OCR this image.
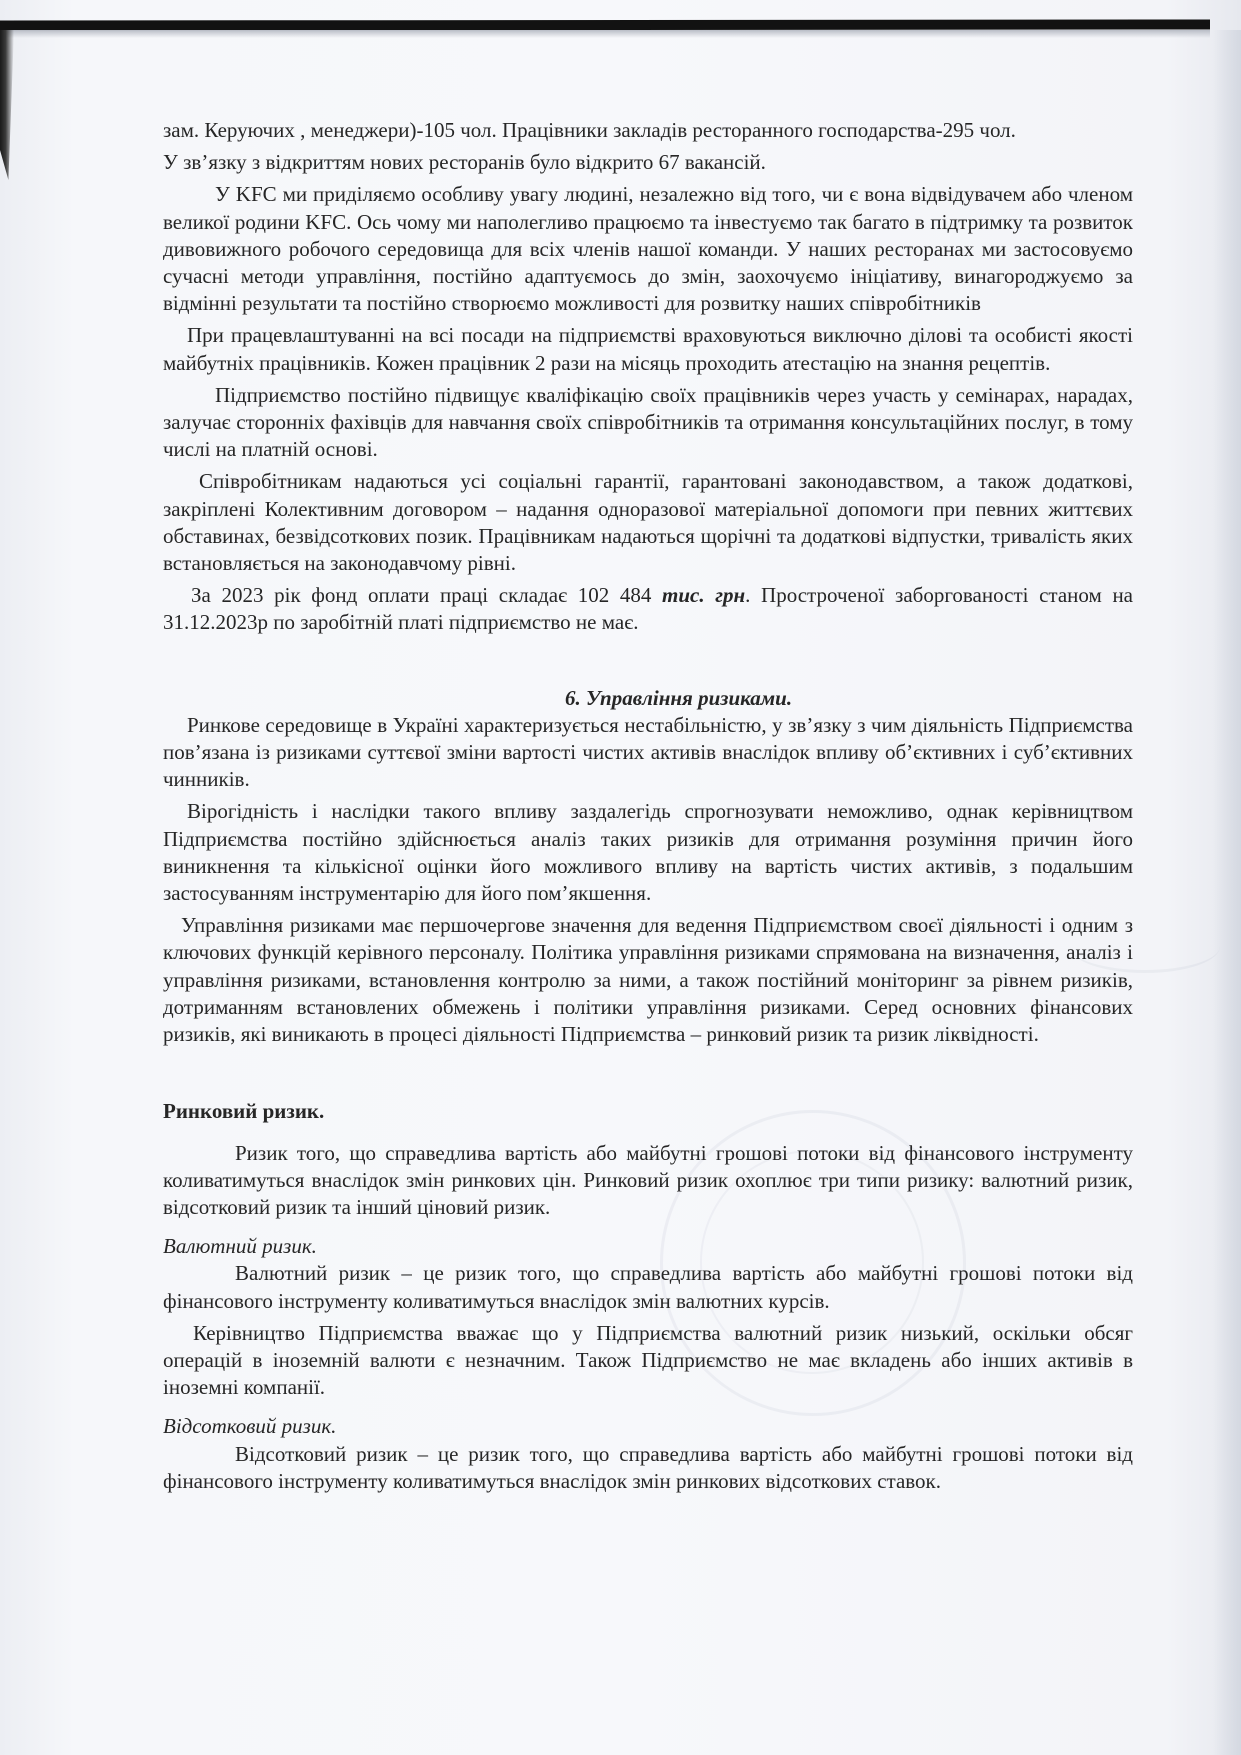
зам. Керуючих , менеджери)-105 чол. Працівники закладів ресторанного господарства-295 чол.

У зв’язку з відкриттям нових ресторанів було відкрито 67 вакансій.

У KFC ми приділяємо особливу увагу людині, незалежно від того, чи є вона відвідувачем або членом великої родини KFC. Ось чому ми наполегливо працюємо та інвестуємо так багато в підтримку та розвиток дивовижного робочого середовища для всіх членів нашої команди. У наших ресторанах ми застосовуємо сучасні методи управління, постійно адаптуємось до змін, заохочуємо ініціативу, винагороджуємо за відмінні результати та постійно створюємо можливості для розвитку наших співробітників

При працевлаштуванні на всі посади на підприємстві враховуються виключно ділові та особисті якості майбутніх працівників. Кожен працівник 2 рази на місяць проходить атестацію на знання рецептів.

Підприємство постійно підвищує кваліфікацію своїх працівників через участь у семінарах, нарадах, залучає сторонніх фахівців для навчання своїх співробітників та отримання консультаційних послуг, в тому числі на платній основі.

Співробітникам надаються усі соціальні гарантії, гарантовані законодавством, а також додаткові, закріплені Колективним договором – надання одноразової матеріальної допомоги при певних життєвих обставинах, безвідсоткових позик. Працівникам надаються щорічні та додаткові відпустки, тривалість яких встановляється на законодавчому рівні.

За 2023 рік фонд оплати праці складає 102 484 тис. грн. Простроченої заборгованості станом на 31.12.2023р по заробітній платі підприємство не має.

6. Управління ризиками.

Ринкове середовище в Україні характеризується нестабільністю, у зв’язку з чим діяльність Підприємства пов’язана із ризиками суттєвої зміни вартості чистих активів внаслідок впливу об’єктивних і суб’єктивних чинників.

Вірогідність і наслідки такого впливу заздалегідь спрогнозувати неможливо, однак керівництвом Підприємства постійно здійснюється аналіз таких ризиків для отримання розуміння причин його виникнення та кількісної оцінки його можливого впливу на вартість чистих активів, з подальшим застосуванням інструментарію для його пом’якшення.

Управління ризиками має першочергове значення для ведення Підприємством своєї діяльності і одним з ключових функцій керівного персоналу. Політика управління ризиками спрямована на визначення, аналіз і управління ризиками, встановлення контролю за ними, а також постійний моніторинг за рівнем ризиків, дотриманням встановлених обмежень і політики управління ризиками. Серед основних фінансових ризиків, які виникають в процесі діяльності Підприємства – ринковий ризик та ризик ліквідності.

Ринковий ризик.

Ризик того, що справедлива вартість або майбутні грошові потоки від фінансового інструменту коливатимуться внаслідок змін ринкових цін. Ринковий ризик охоплює три типи ризику: валютний ризик, відсотковий ризик та інший ціновий ризик.

Валютний ризик.

Валютний ризик – це ризик того, що справедлива вартість або майбутні грошові потоки від фінансового інструменту коливатимуться внаслідок змін валютних курсів.

Керівництво Підприємства вважає що у Підприємства валютний ризик низький, оскільки обсяг операцій в іноземній валюти є незначним. Також Підприємство не має вкладень або інших активів в іноземні компанії.

Відсотковий ризик.

Відсотковий ризик – це ризик того, що справедлива вартість або майбутні грошові потоки від фінансового інструменту коливатимуться внаслідок змін ринкових відсоткових ставок.
